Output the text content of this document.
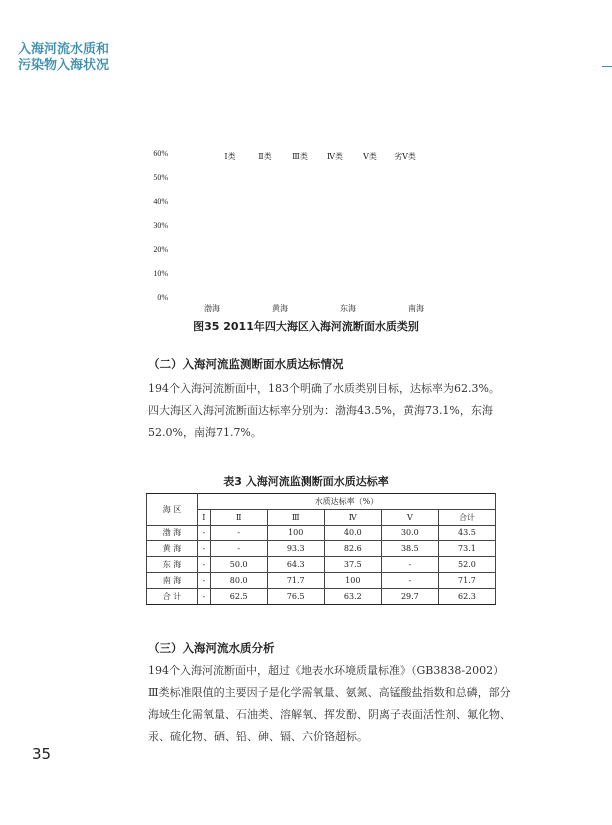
入海河流水质和
污染物入海状况
0%
10%
20%
30%
40%
50%
60%	Ⅰ类	Ⅱ类	Ⅲ类 Ⅳ类	Ⅴ类 劣Ⅴ类
渤海	黄海	东海	南海
图35 2011年四大海区入海河流断面水质类别
（二）入海河流监测断面水质达标情况
194个入海河流断面中，183个明确了水质类别目标，达标率为62.3%。
四大海区入海河流断面达标率分别为：渤海43.5%，黄海73.1%，东海
52.0%，南海71.7%。
表3 入海河流监测断面水质达标率
海 区	水质达标率（%）					
	Ⅰ	Ⅱ	Ⅲ	Ⅳ	Ⅴ	合计
渤 海	-	-	100	40.0	30.0	43.5
黄 海	-	-	93.3	82.6	38.5	73.1
东 海	-	50.0	64.3	37.5	-	52.0
南 海	-	80.0	71.7	100	-	71.7
合 计	-	62.5	76.5	63.2	29.7	62.3
（三）入海河流水质分析
194个入海河流断面中，超过《地表水环境质量标准》（GB3838-2002）
Ⅲ类标准限值的主要因子是化学需氧量、氨氮、高锰酸盐指数和总磷，部分
海域生化需氧量、石油类、溶解氧、挥发酚、阴离子表面活性剂、氟化物、
汞、硫化物、硒、铅、砷、镉、六价铬超标。
35
